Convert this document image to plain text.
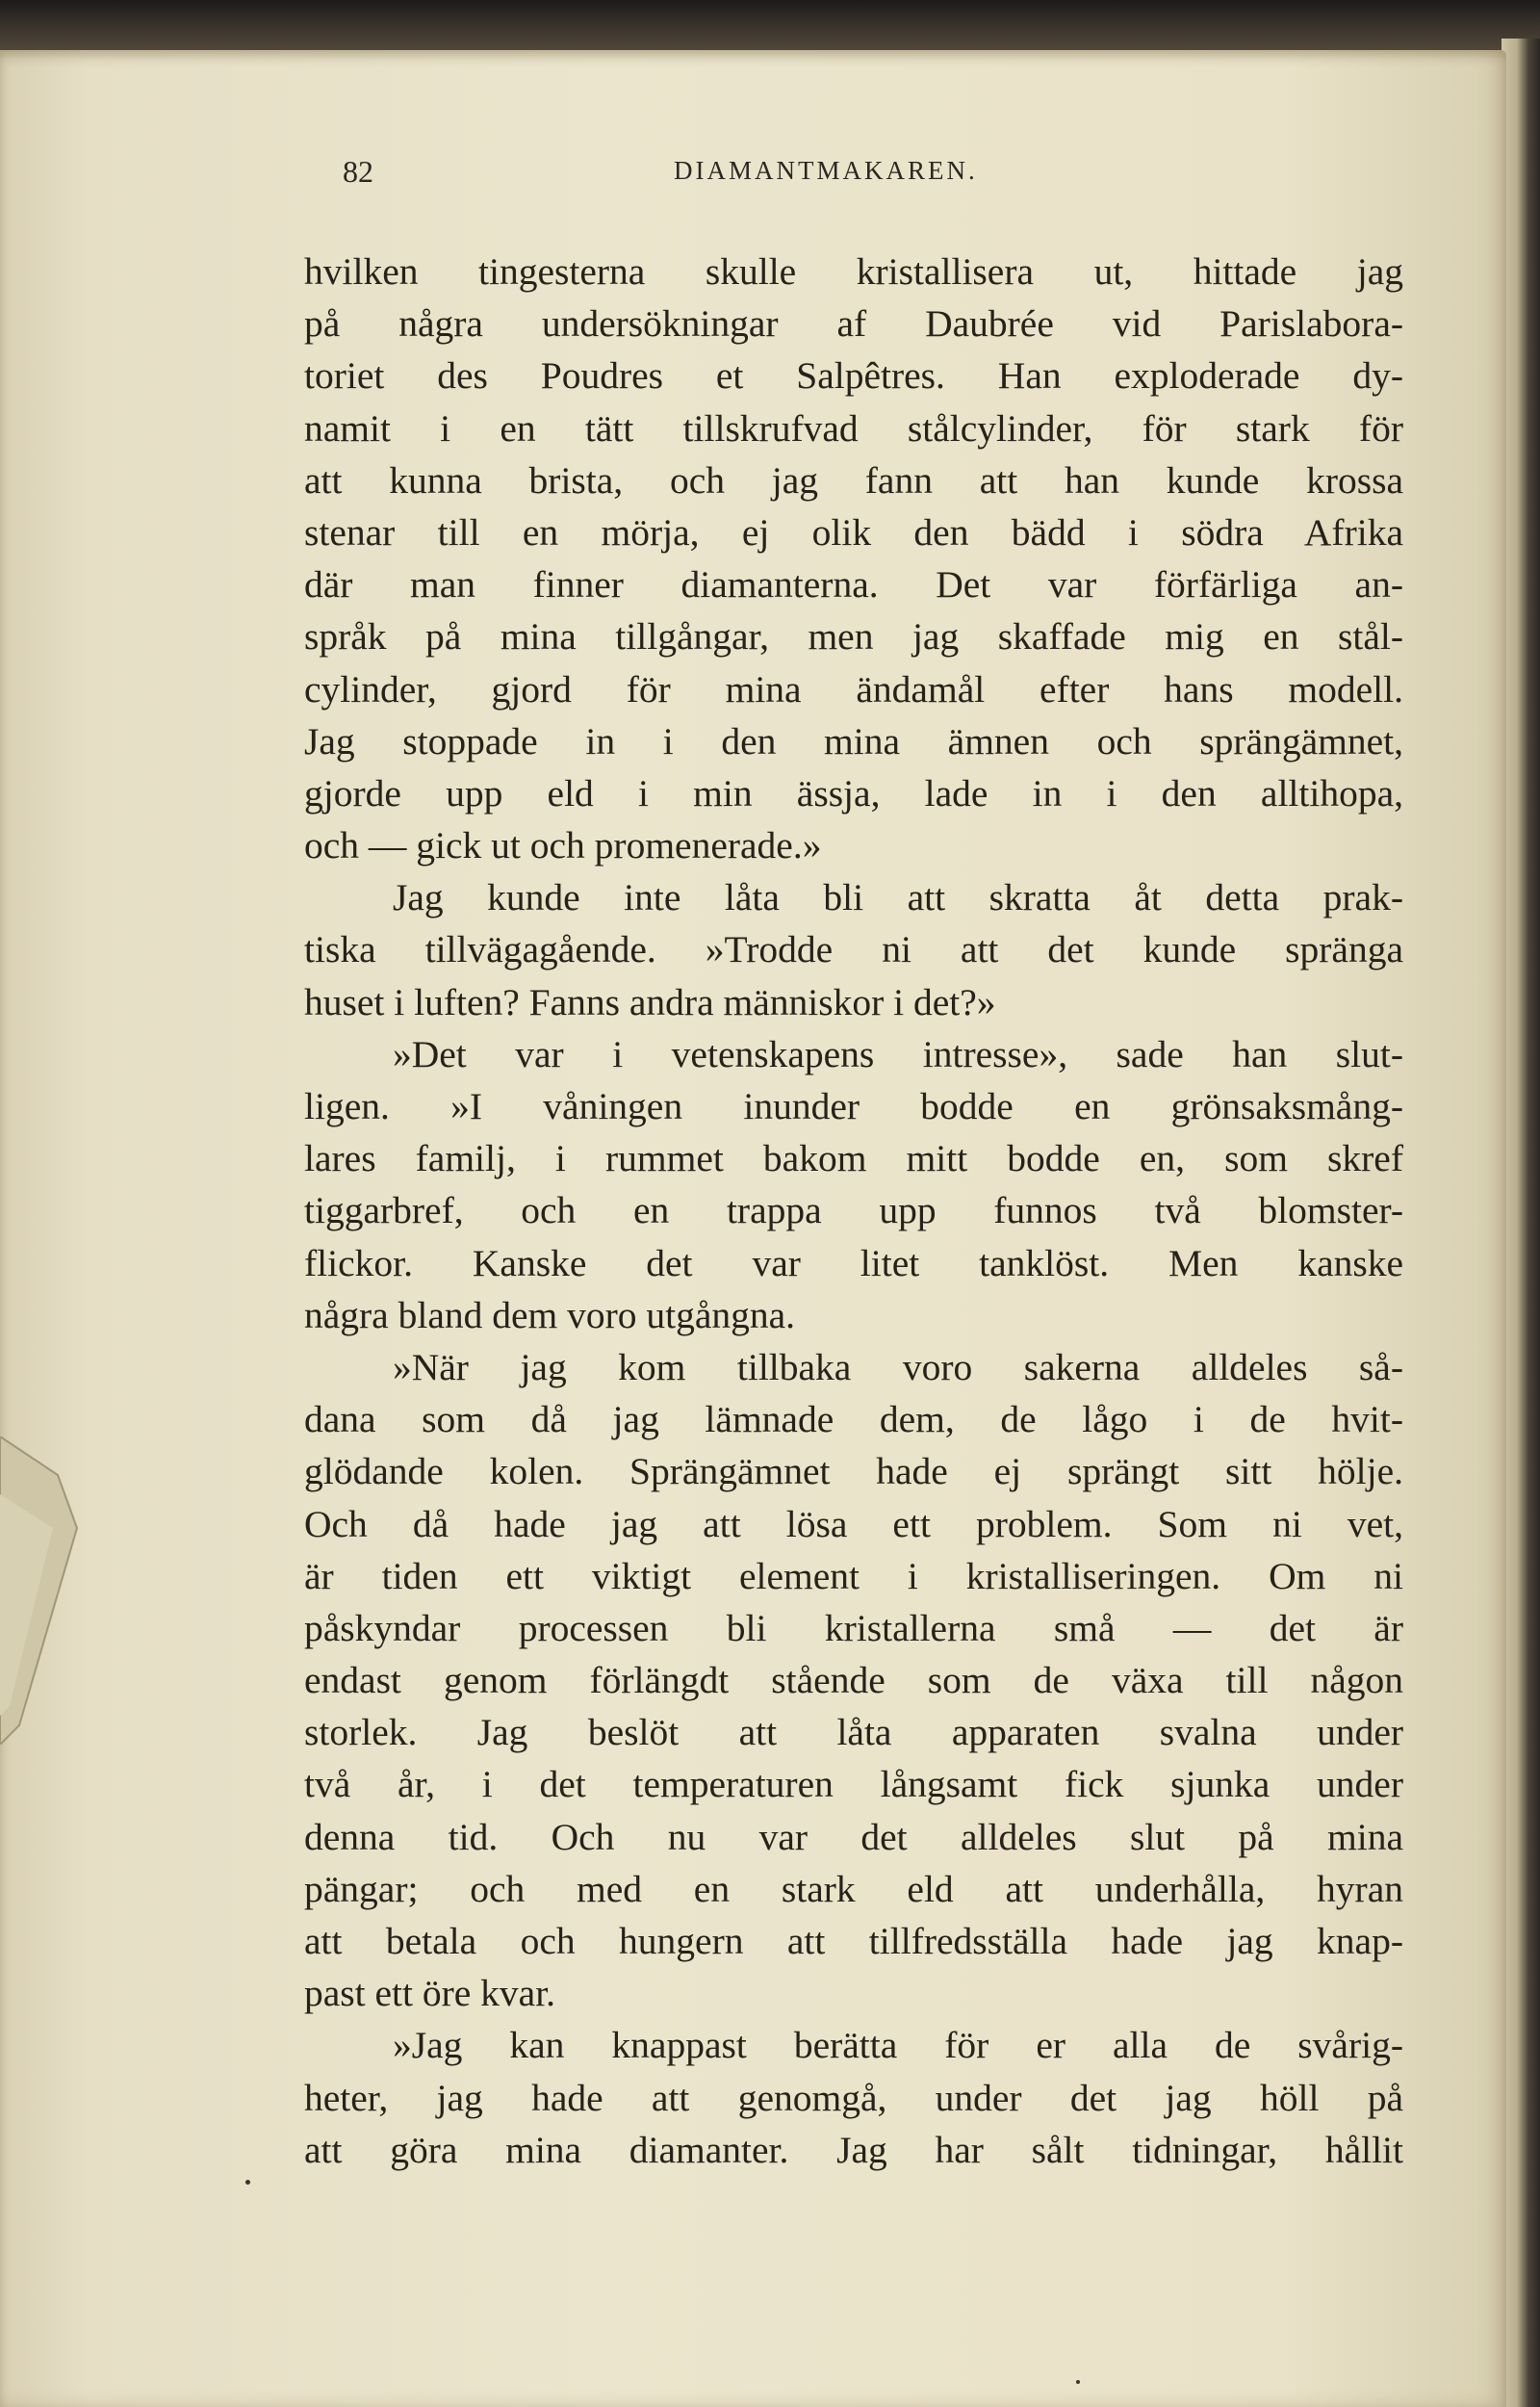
82	DIAMANTMAKAREN.
hvilken tingesterna skulle kristallisera ut, hittade jag
på några undersökningar af Daubrée vid Parislabora-
toriet des Poudres et Salpêtres. Han exploderade dy-
namit i en tätt tillskrufvad stålcylinder, för stark för
att kunna brista, och jag fann att han kunde krossa
stenar till en mörja, ej olik den bädd i södra Afrika
där man finner diamanterna. Det var förfärliga an-
språk på mina tillgångar, men jag skaffade mig en stål-
cylinder, gjord för mina ändamål efter hans modell.
Jag stoppade in i den mina ämnen och sprängämnet,
gjorde upp eld i min ässja, lade in i den alltihopa,
och — gick ut och promenerade.»
Jag kunde inte låta bli att skratta åt detta prak-
tiska tillvägagående. »Trodde ni att det kunde spränga
huset i luften? Fanns andra människor i det?»
»Det var i vetenskapens intresse», sade han slut-
ligen. »I våningen inunder bodde en grönsaksmång-
lares familj, i rummet bakom mitt bodde en, som skref
tiggarbref, och en trappa upp funnos två blomster-
flickor. Kanske det var litet tanklöst. Men kanske
några bland dem voro utgångna.
»När jag kom tillbaka voro sakerna alldeles så-
dana som då jag lämnade dem, de lågo i de hvit-
glödande kolen. Sprängämnet hade ej sprängt sitt hölje.
Och då hade jag att lösa ett problem. Som ni vet,
är tiden ett viktigt element i kristalliseringen. Om ni
påskyndar processen bli kristallerna små — det är
endast genom förlängdt stående som de växa till någon
storlek. Jag beslöt att låta apparaten svalna under
två år, i det temperaturen långsamt fick sjunka under
denna tid. Och nu var det alldeles slut på mina
pängar; och med en stark eld att underhålla, hyran
att betala och hungern att tillfredsställa hade jag knap-
past ett öre kvar.
»Jag kan knappast berätta för er alla de svårig-
heter, jag hade att genomgå, under det jag höll på
att göra mina diamanter. Jag har sålt tidningar, hållit
